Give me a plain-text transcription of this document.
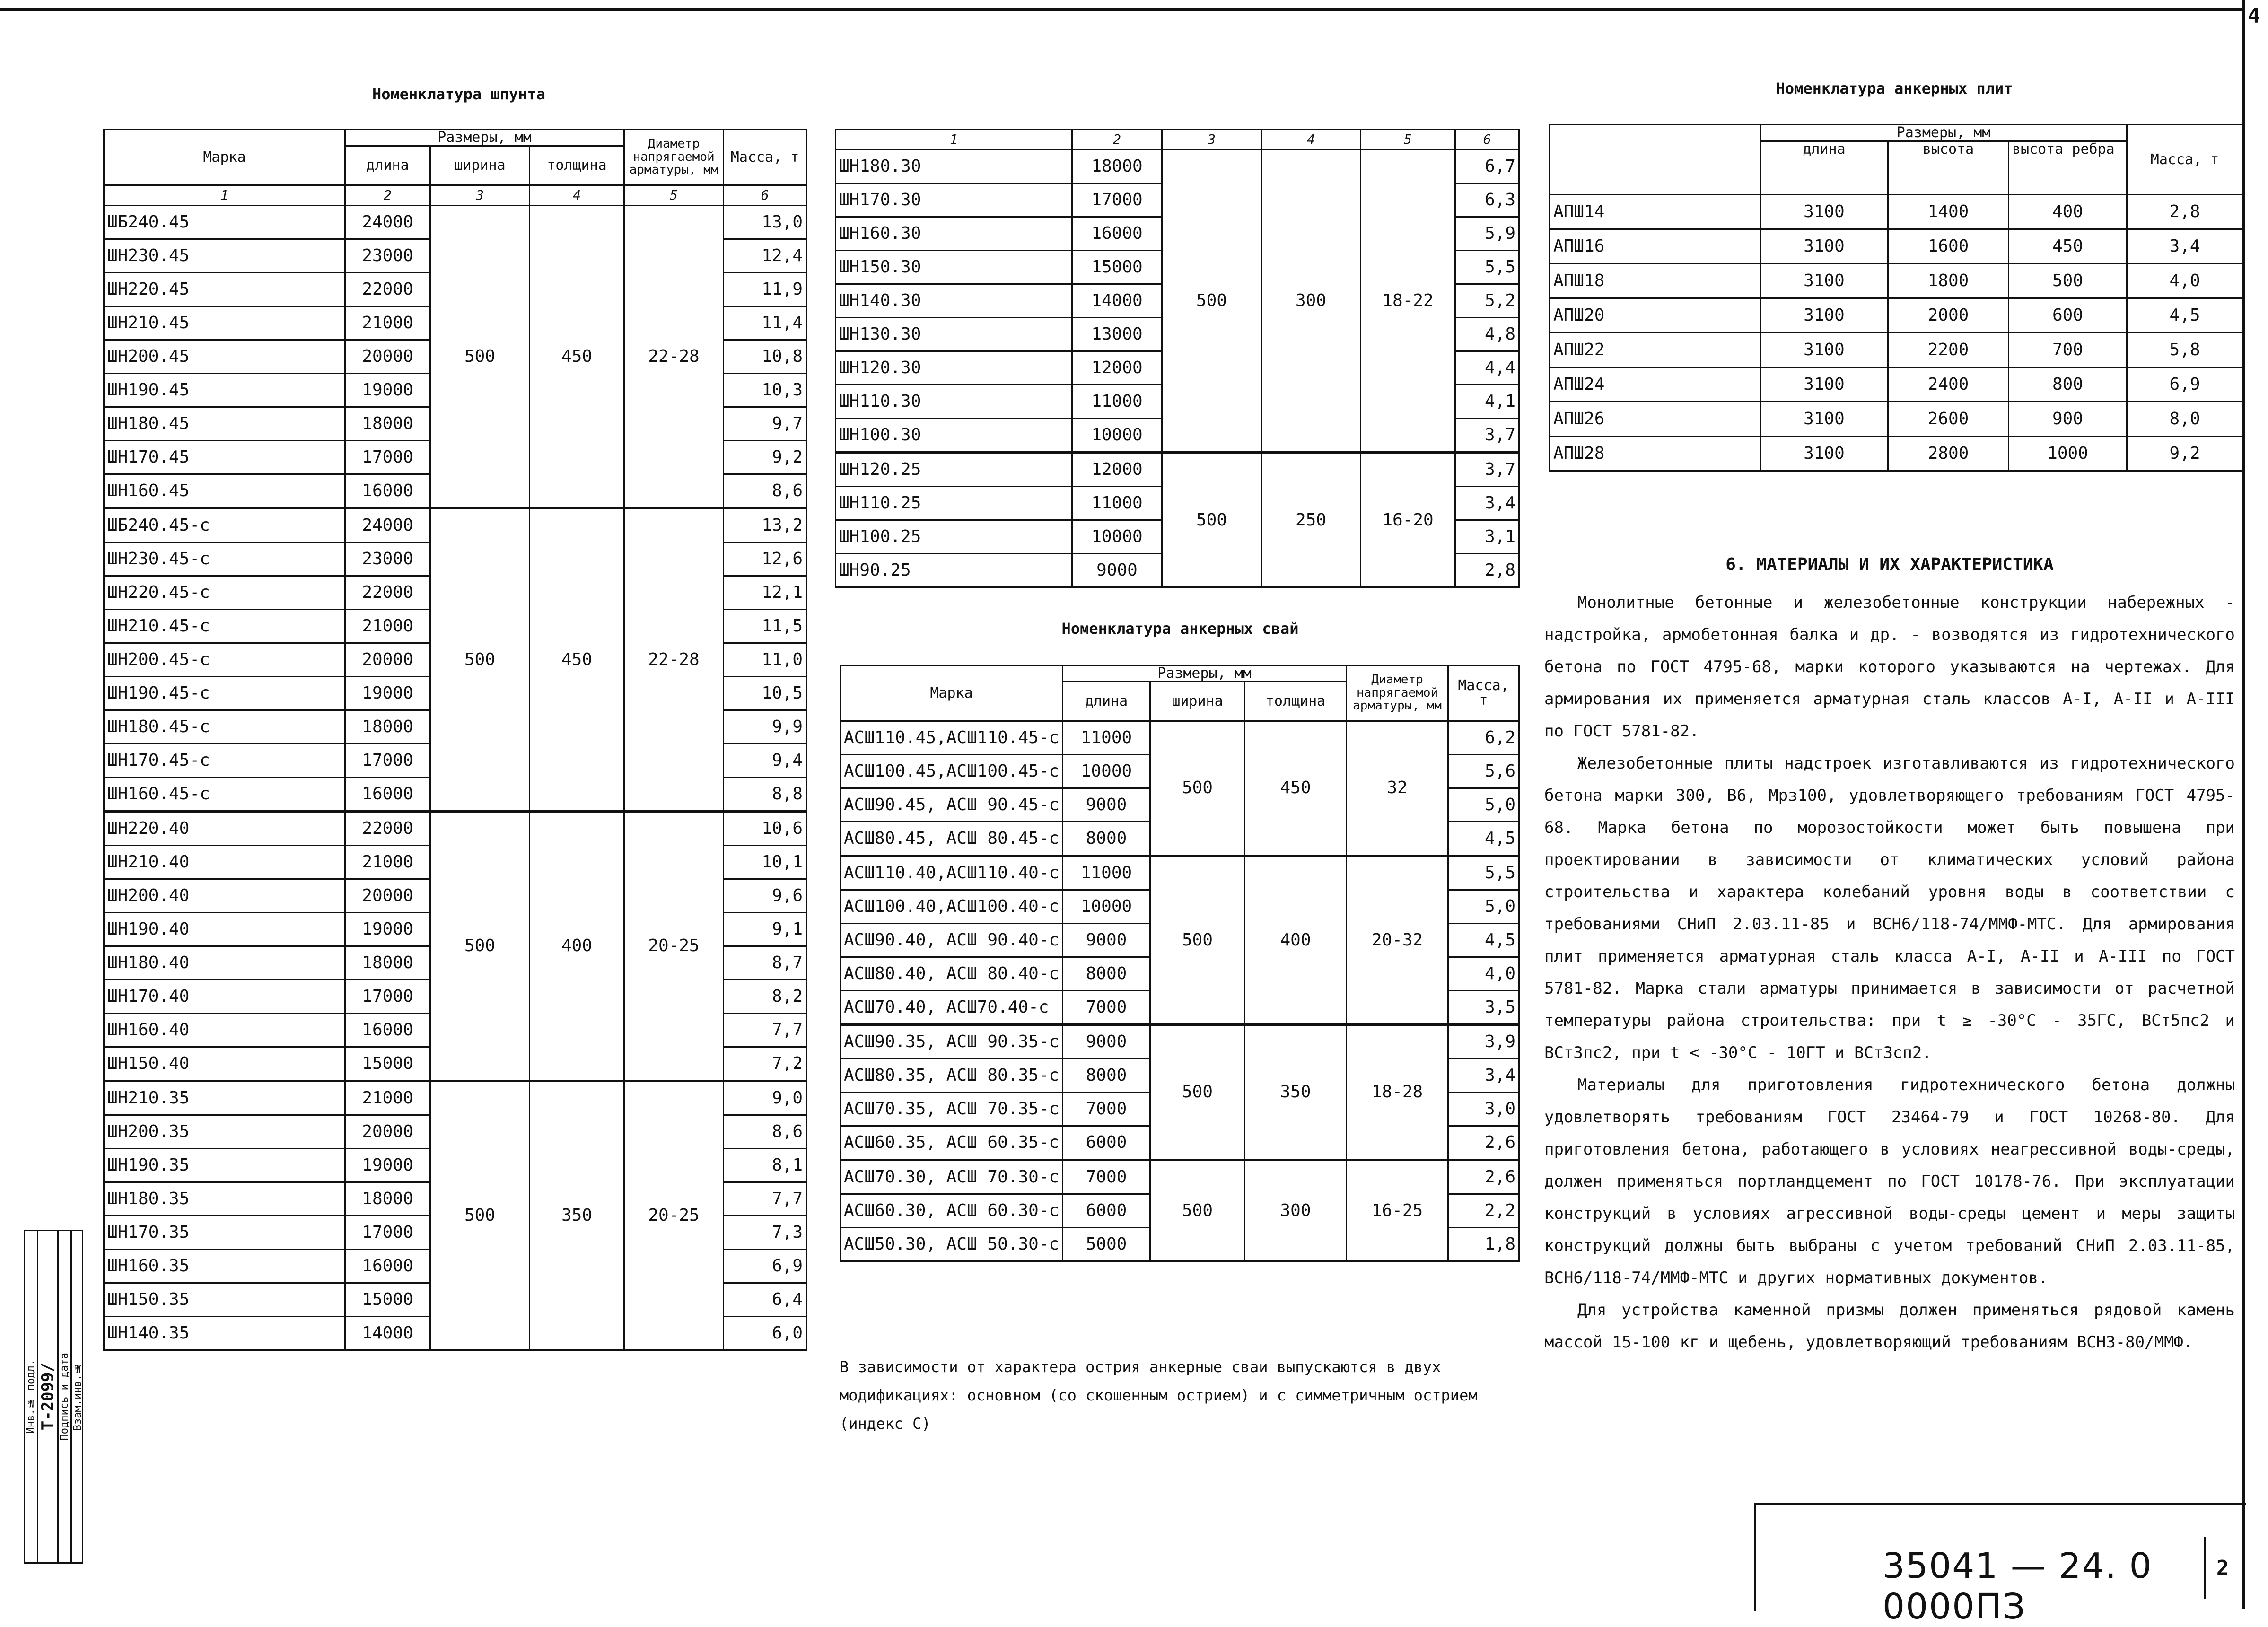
4
Инв.№ подл. Т-2099/ Подпись и дата Взам.инв.№
Номенклатура шпунта
Марка	Размеры, мм			Диаметр напрягаемой арматуры, мм	Масса, т
	длина	ширина	толщина		
1	2	3	4	5	6
ШБ240.45	24000	500	450	22-28	13,0
ШН230.45	23000				12,4
ШН220.45	22000				11,9
ШН210.45	21000				11,4
ШН200.45	20000				10,8
ШН190.45	19000				10,3
ШН180.45	18000				9,7
ШН170.45	17000				9,2
ШН160.45	16000				8,6
ШБ240.45-с	24000	500	450	22-28	13,2
ШН230.45-с	23000				12,6
ШН220.45-с	22000				12,1
ШН210.45-с	21000				11,5
ШН200.45-с	20000				11,0
ШН190.45-с	19000				10,5
ШН180.45-с	18000				9,9
ШН170.45-с	17000				9,4
ШН160.45-с	16000				8,8
ШН220.40	22000	500	400	20-25	10,6
ШН210.40	21000				10,1
ШН200.40	20000				9,6
ШН190.40	19000				9,1
ШН180.40	18000				8,7
ШН170.40	17000				8,2
ШН160.40	16000				7,7
ШН150.40	15000				7,2
ШН210.35	21000	500	350	20-25	9,0
ШН200.35	20000				8,6
ШН190.35	19000				8,1
ШН180.35	18000				7,7
ШН170.35	17000				7,3
ШН160.35	16000				6,9
ШН150.35	15000				6,4
ШН140.35	14000				6,0
1	2	3	4	5	6
ШН180.30	18000	500	300	18-22	6,7
ШН170.30	17000				6,3
ШН160.30	16000				5,9
ШН150.30	15000				5,5
ШН140.30	14000				5,2
ШН130.30	13000				4,8
ШН120.30	12000				4,4
ШН110.30	11000				4,1
ШН100.30	10000				3,7
ШН120.25	12000	500	250	16-20	3,7
ШН110.25	11000				3,4
ШН100.25	10000				3,1
ШН90.25	9000				2,8
Номенклатура анкерных свай
Марка	Размеры, мм			Диаметр напрягаемой арматуры, мм	Масса, т
	длина	ширина	толщина		
АСШ110.45,АСШ110.45-с	11000	500	450	32	6,2
АСШ100.45,АСШ100.45-с	10000				5,6
АСШ90.45, АСШ 90.45-с	9000				5,0
АСШ80.45, АСШ 80.45-с	8000				4,5
АСШ110.40,АСШ110.40-с	11000	500	400	20-32	5,5
АСШ100.40,АСШ100.40-с	10000				5,0
АСШ90.40, АСШ 90.40-с	9000				4,5
АСШ80.40, АСШ 80.40-с	8000				4,0
АСШ70.40, АСШ70.40-с	7000				3,5
АСШ90.35, АСШ 90.35-с	9000	500	350	18-28	3,9
АСШ80.35, АСШ 80.35-с	8000				3,4
АСШ70.35, АСШ 70.35-с	7000				3,0
АСШ60.35, АСШ 60.35-с	6000				2,6
АСШ70.30, АСШ 70.30-с	7000	500	300	16-25	2,6
АСШ60.30, АСШ 60.30-с	6000				2,2
АСШ50.30, АСШ 50.30-с	5000				1,8
В зависимости от характера острия анкерные сваи выпускаются в двух модификациях: основном (со скошенным острием) и с симметричным острием (индекс С)
Номенклатура анкерных плит
	Размеры, мм			Масса, т
	длина	высота	высота ребра	
АПШ14	3100	1400	400	2,8
АПШ16	3100	1600	450	3,4
АПШ18	3100	1800	500	4,0
АПШ20	3100	2000	600	4,5
АПШ22	3100	2200	700	5,8
АПШ24	3100	2400	800	6,9
АПШ26	3100	2600	900	8,0
АПШ28	3100	2800	1000	9,2

6. МАТЕРИАЛЫ И ИХ ХАРАКТЕРИСТИКА

Монолитные бетонные и железобетонные конструкции набережных - надстройка, армобетонная балка и др. - возводятся из гидротехнического бетона по ГОСТ 4795-68, марки которого указываются на чертежах. Для армирования их применяется арматурная сталь классов А-I, А-II и А-III по ГОСТ 5781-82.

Железобетонные плиты надстроек изготавливаются из гидротехнического бетона марки 300, В6, Мрз100, удовлетворяющего требованиям ГОСТ 4795-68. Марка бетона по морозостойкости может быть повышена при проектировании в зависимости от климатических условий района строительства и характера колебаний уровня воды в соответствии с требованиями СНиП 2.03.11-85 и ВСН6/118-74/ММФ-МТС. Для армирования плит применяется арматурная сталь класса А-I, А-II и А-III по ГОСТ 5781-82. Марка стали арматуры принимается в зависимости от расчетной температуры района строительства: при t ≥ -30°С - 35ГС, ВСт5пс2 и ВСт3пс2, при t < -30°С - 10ГТ и ВСт3сп2.

Материалы для приготовления гидротехнического бетона должны удовлетворять требованиям ГОСТ 23464-79 и ГОСТ 10268-80. Для приготовления бетона, работающего в условиях неагрессивной воды-среды, должен применяться портландцемент по ГОСТ 10178-76. При эксплуатации конструкций в условиях агрессивной воды-среды цемент и меры защиты конструкций должны быть выбраны с учетом требований СНиП 2.03.11-85, ВСН6/118-74/ММФ-МТС и других нормативных документов.

Для устройства каменной призмы должен применяться рядовой камень массой 15-100 кг и щебень, удовлетворяющий требованиям ВСН3-80/ММФ.

35041 — 24. 0 0000ПЗ
2
